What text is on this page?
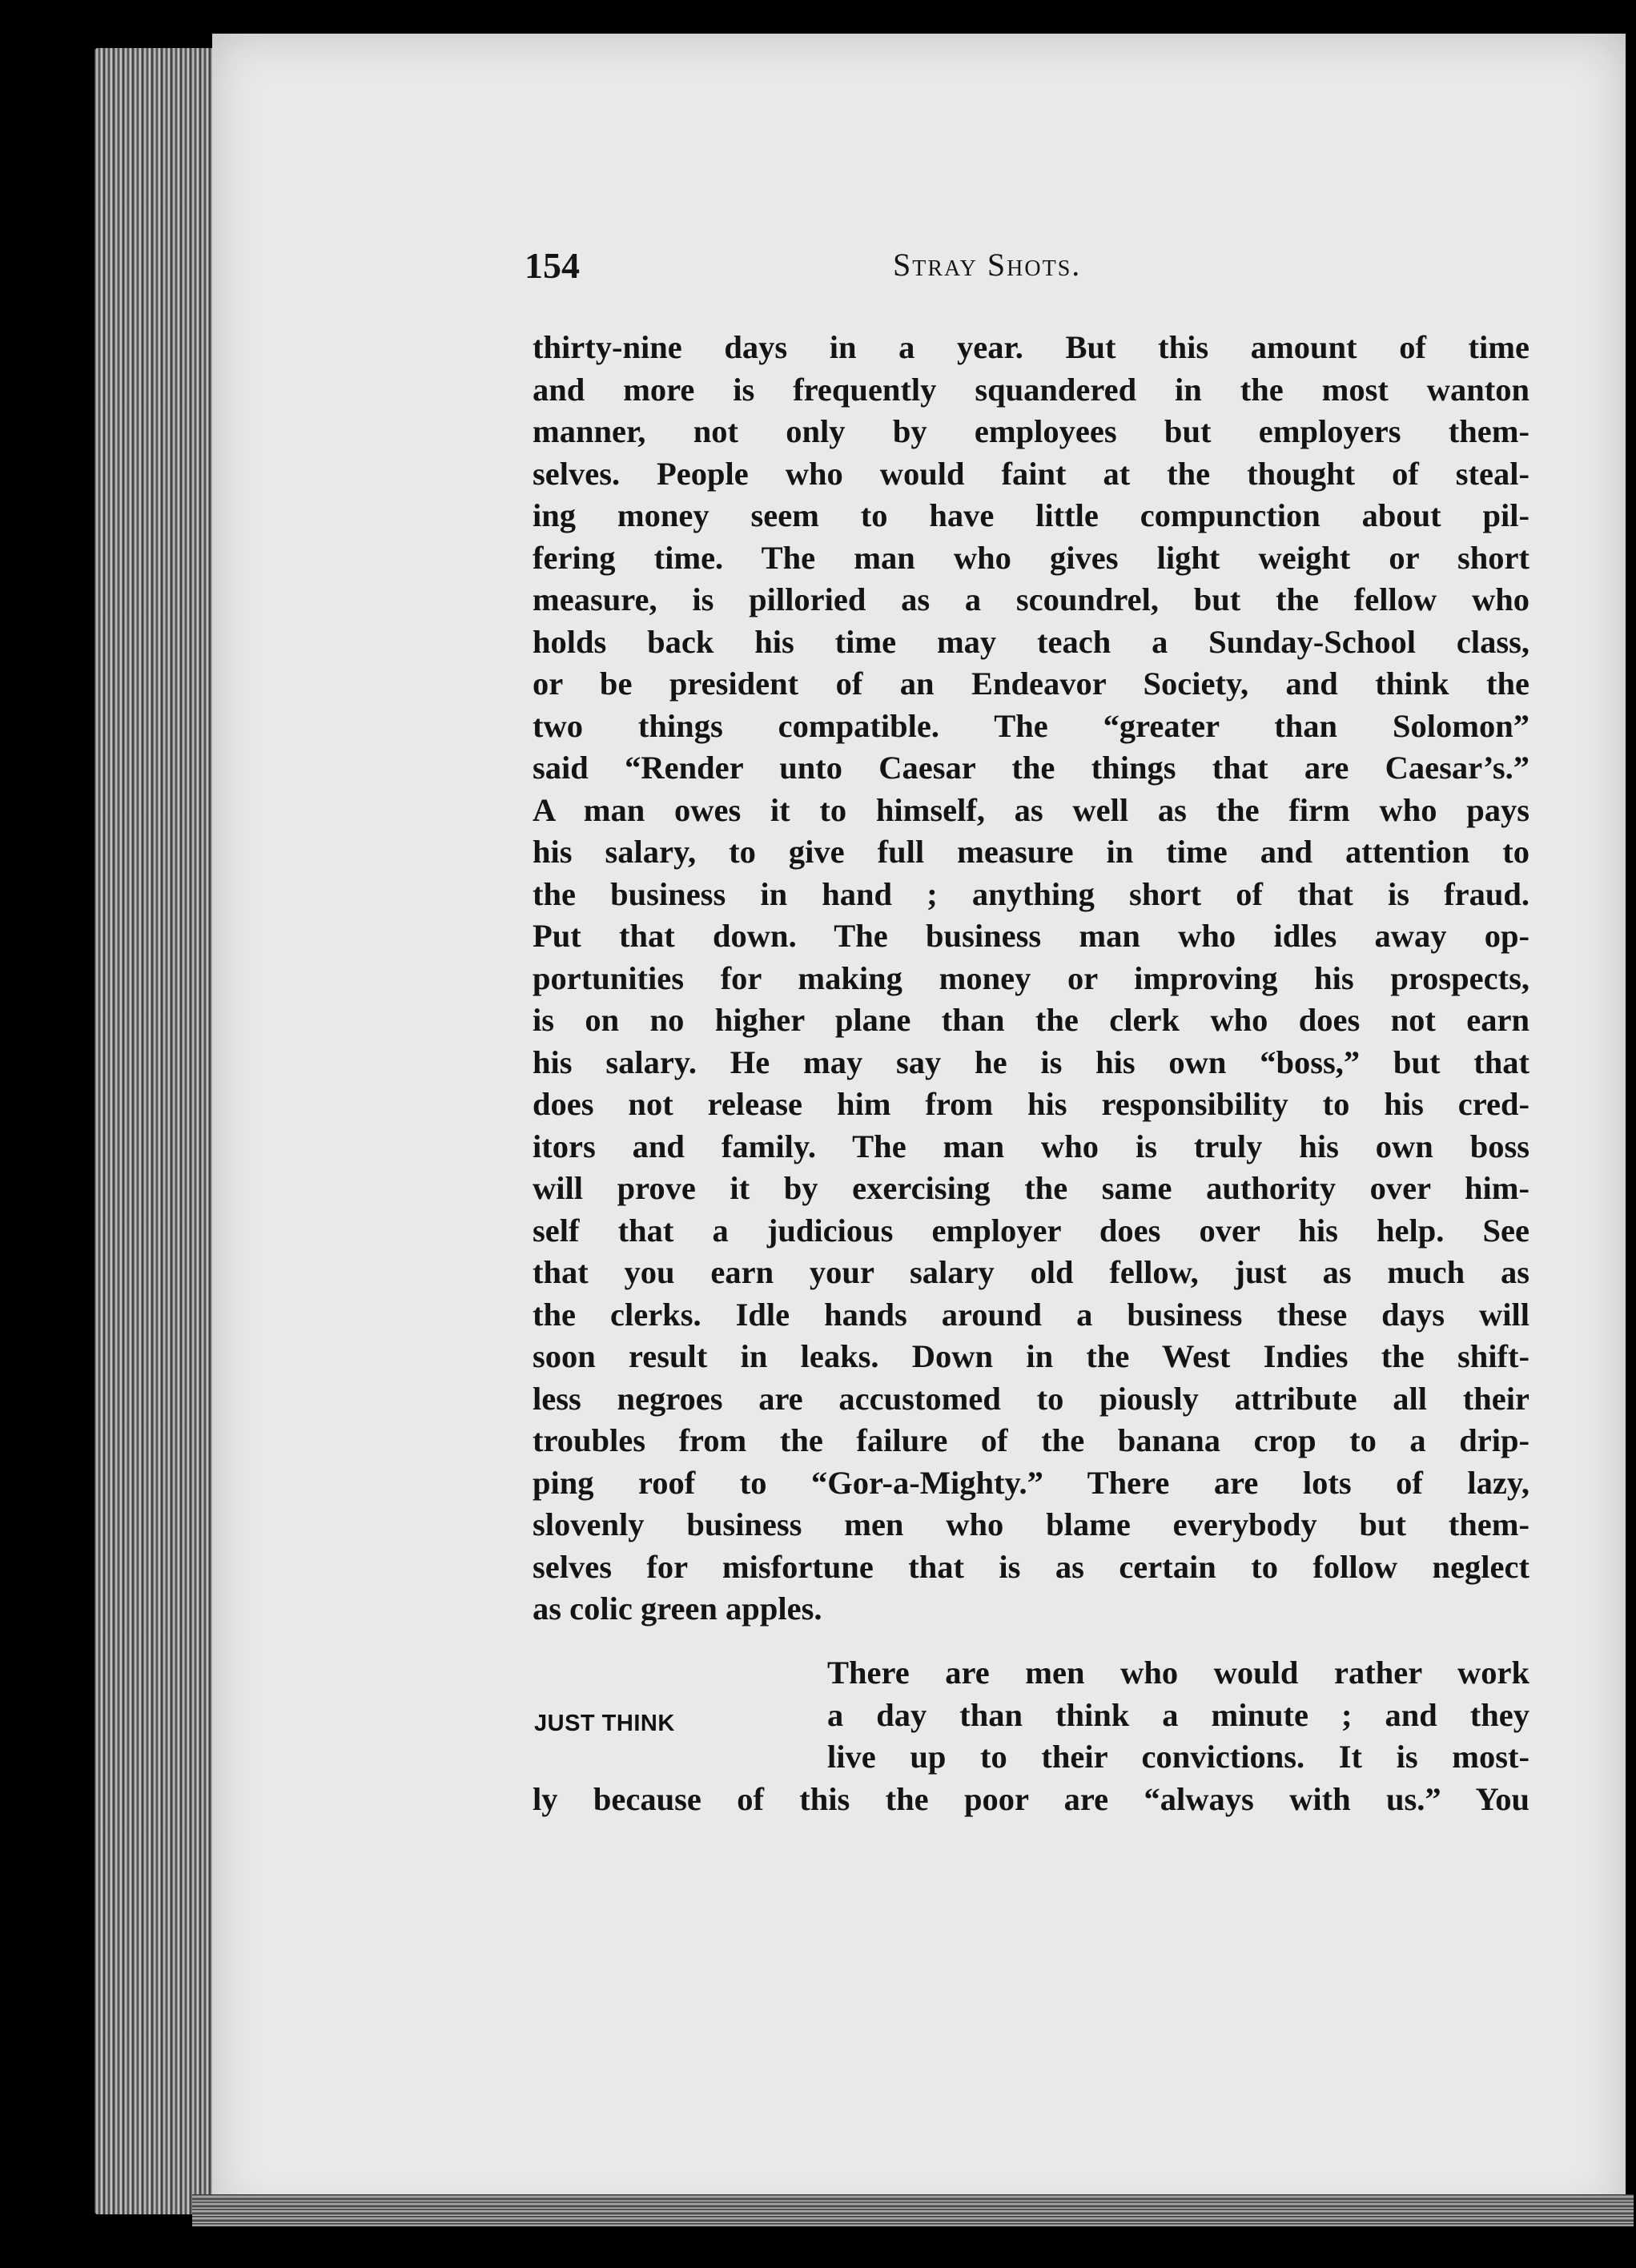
154	Stray Shots.
thirty-nine days in a year. But this amount of time
and more is frequently squandered in the most wanton
manner, not only by employees but employers them-
selves. People who would faint at the thought of steal-
ing money seem to have little compunction about pil-
fering time. The man who gives light weight or short
measure, is pilloried as a scoundrel, but the fellow who
holds back his time may teach a Sunday-School class,
or be president of an Endeavor Society, and think the
two things compatible. The “greater than Solomon”
said “Render unto Caesar the things that are Caesar’s.”
A man owes it to himself, as well as the firm who pays
his salary, to give full measure in time and attention to
the business in hand ; anything short of that is fraud.
Put that down. The business man who idles away op-
portunities for making money or improving his prospects,
is on no higher plane than the clerk who does not earn
his salary. He may say he is his own “boss,” but that
does not release him from his responsibility to his cred-
itors and family. The man who is truly his own boss
will prove it by exercising the same authority over him-
self that a judicious employer does over his help. See
that you earn your salary old fellow, just as much as
the clerks. Idle hands around a business these days will
soon result in leaks. Down in the West Indies the shift-
less negroes are accustomed to piously attribute all their
troubles from the failure of the banana crop to a drip-
ping roof to “Gor-a-Mighty.” There are lots of lazy,
slovenly business men who blame everybody but them-
selves for misfortune that is as certain to follow neglect
as colic green apples.
JUST THINK
There are men who would rather work
a day than think a minute ; and they
live up to their convictions. It is most-
ly because of this the poor are “always with us.” You
